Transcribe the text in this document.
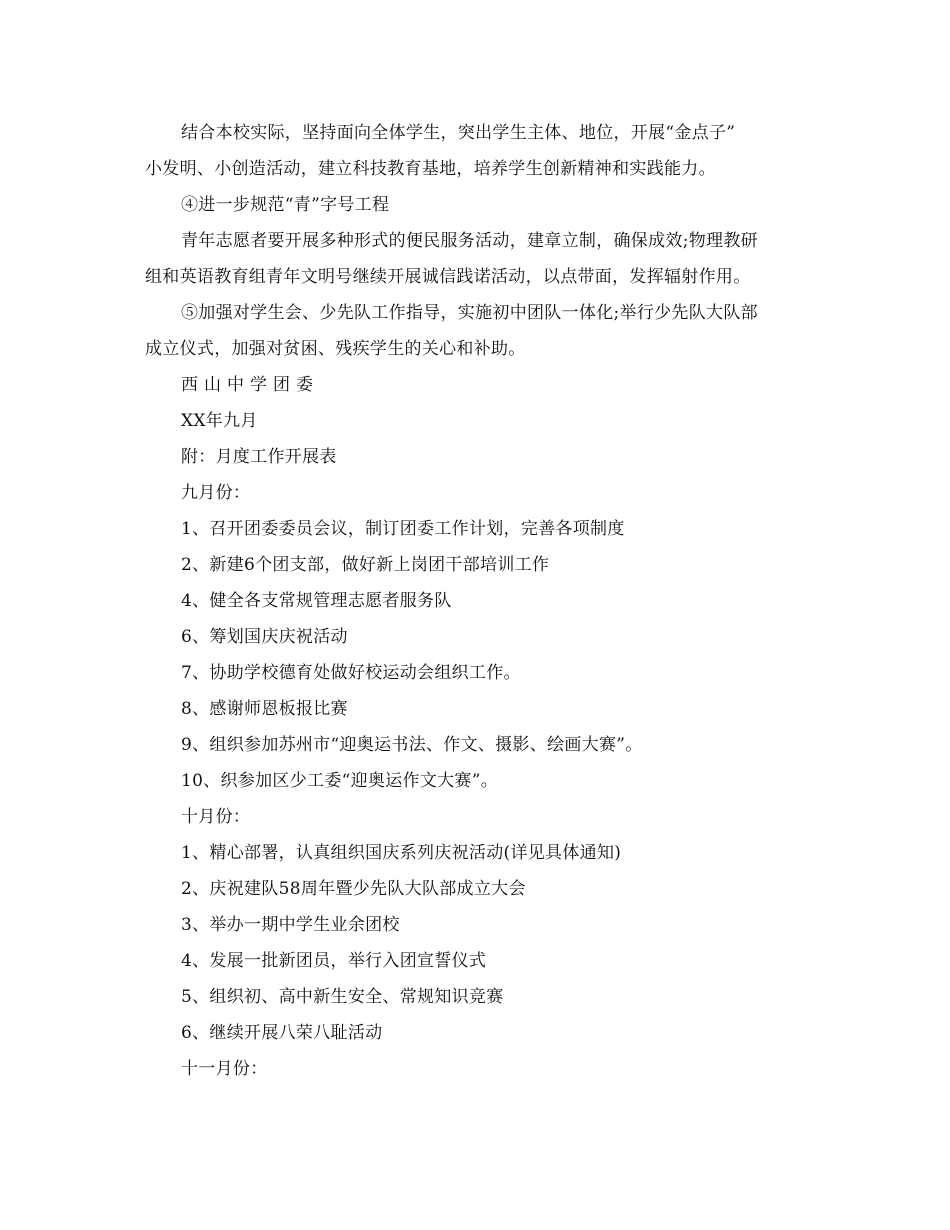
结合本校实际，坚持面向全体学生，突出学生主体、地位，开展“金点子”
小发明、小创造活动，建立科技教育基地，培养学生创新精神和实践能力。
④进一步规范“青”字号工程
青年志愿者要开展多种形式的便民服务活动，建章立制，确保成效;物理教研
组和英语教育组青年文明号继续开展诚信践诺活动，以点带面，发挥辐射作用。
⑤加强对学生会、少先队工作指导，实施初中团队一体化;举行少先队大队部
成立仪式，加强对贫困、残疾学生的关心和补助。
西 山 中 学 团 委
XX年九月
附：月度工作开展表
九月份：
1、召开团委委员会议，制订团委工作计划，完善各项制度
2、新建6个团支部，做好新上岗团干部培训工作
4、健全各支常规管理志愿者服务队
6、筹划国庆庆祝活动
7、协助学校德育处做好校运动会组织工作。
8、感谢师恩板报比赛
9、组织参加苏州市“迎奥运书法、作文、摄影、绘画大赛”。
10、织参加区少工委“迎奥运作文大赛”。
十月份：
1、精心部署，认真组织国庆系列庆祝活动(详见具体通知)
2、庆祝建队58周年暨少先队大队部成立大会
3、举办一期中学生业余团校
4、发展一批新团员，举行入团宣誓仪式
5、组织初、高中新生安全、常规知识竞赛
6、继续开展八荣八耻活动
十一月份：
